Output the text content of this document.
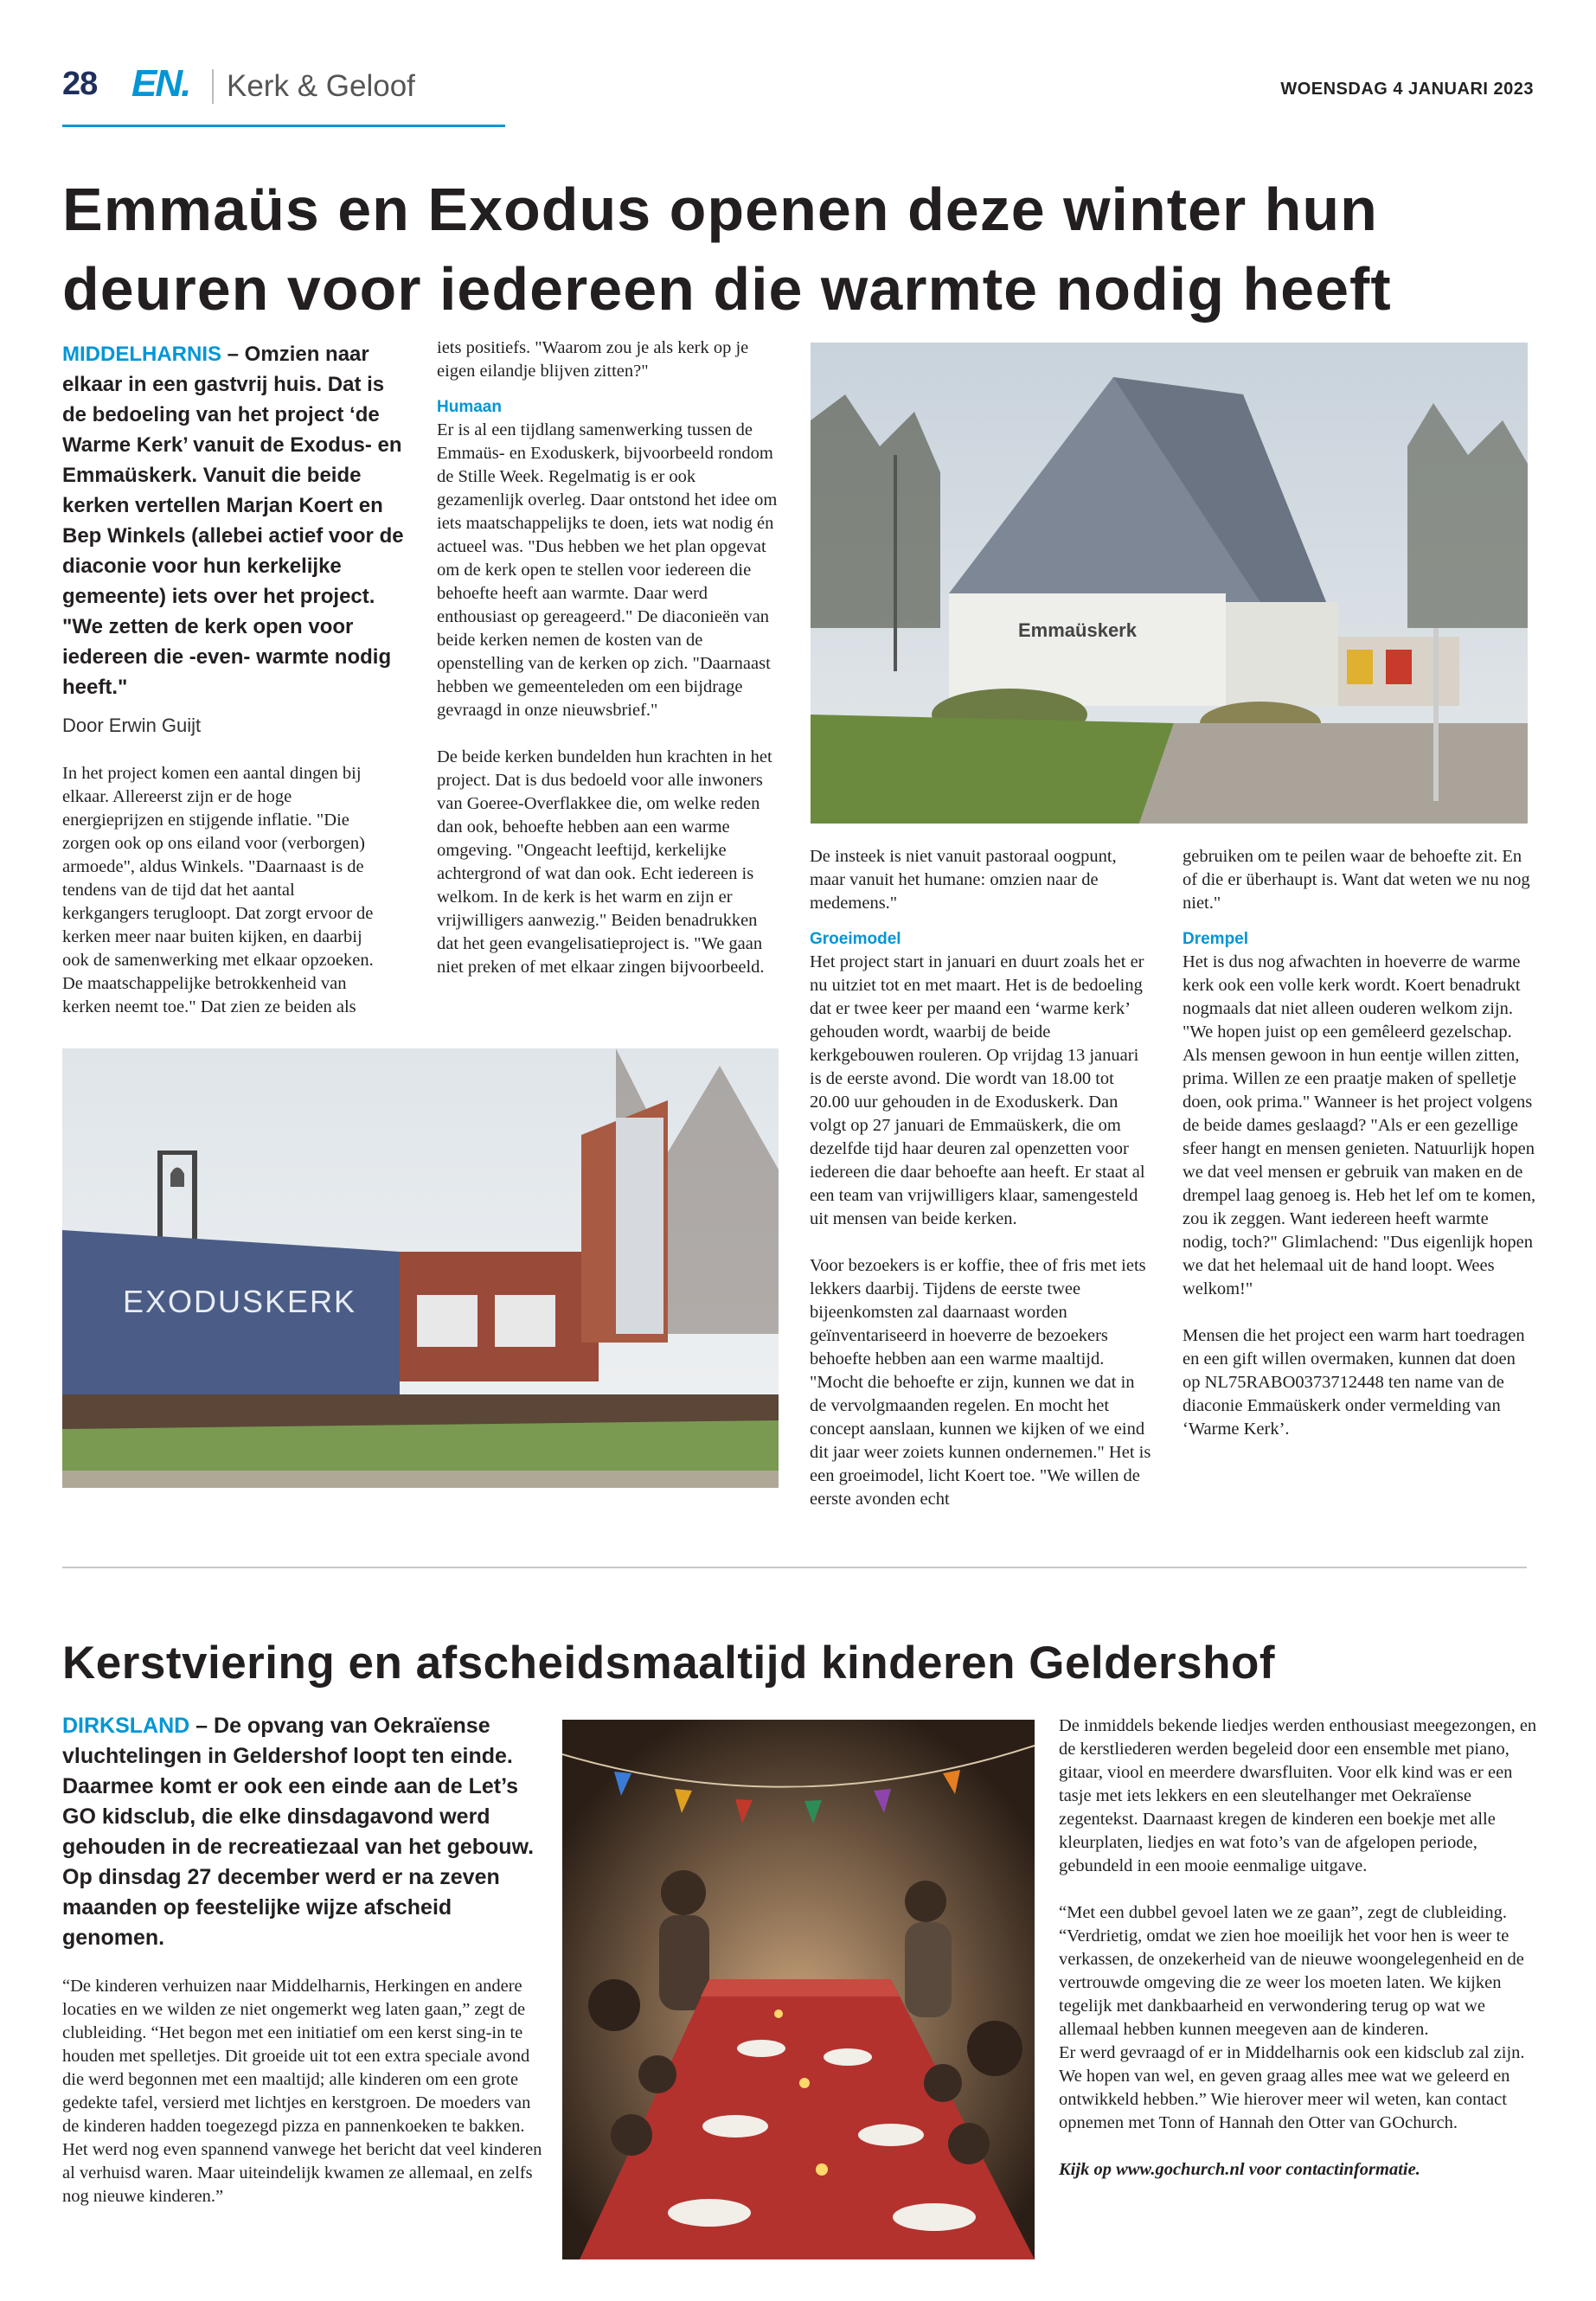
28 EN. Kerk & Geloof	WOENSDAG 4 JANUARI 2023
Emmaüs en Exodus openen deze winter hun deuren voor iedereen die warmte nodig heeft
MIDDELHARNIS – Omzien naar elkaar in een gastvrij huis. Dat is de bedoeling van het project ‘de Warme Kerk’ vanuit de Exodus- en Emmaüskerk. Vanuit die beide kerken vertellen Marjan Koert en Bep Winkels (allebei actief voor de diaconie voor hun kerkelijke gemeente) iets over het project. "We zetten de kerk open voor iedereen die -even- warmte nodig heeft."
Door Erwin Guijt

In het project komen een aantal dingen bij elkaar. Allereerst zijn er de hoge energieprijzen en stijgende inflatie. "Die zorgen ook op ons eiland voor (verborgen) armoede", aldus Winkels. "Daarnaast is de tendens van de tijd dat het aantal kerkgangers terugloopt. Dat zorgt ervoor de kerken meer naar buiten kijken, en daarbij ook de samenwerking met elkaar opzoeken. De maatschappelijke betrokkenheid van kerken neemt toe." Dat zien ze beiden als

iets positiefs. "Waarom zou je als kerk op je eigen eilandje blijven zitten?"

Humaan

Er is al een tijdlang samenwerking tussen de Emmaüs- en Exoduskerk, bijvoorbeeld rondom de Stille Week. Regelmatig is er ook gezamenlijk overleg. Daar ontstond het idee om iets maatschappelijks te doen, iets wat nodig én actueel was. "Dus hebben we het plan opgevat om de kerk open te stellen voor iedereen die behoefte heeft aan warmte. Daar werd enthousiast op gereageerd." De diaconieën van beide kerken nemen de kosten van de openstelling van de kerken op zich. "Daarnaast hebben we gemeenteleden om een bijdrage gevraagd in onze nieuwsbrief."

De beide kerken bundelden hun krachten in het project. Dat is dus bedoeld voor alle inwoners van Goeree-Overflakkee die, om welke reden dan ook, behoefte hebben aan een warme omgeving. "Ongeacht leeftijd, kerkelijke achtergrond of wat dan ook. Echt iedereen is welkom. In de kerk is het warm en zijn er vrijwilligers aanwezig." Beiden benadrukken dat het geen evangelisatieproject is. "We gaan niet preken of met elkaar zingen bijvoorbeeld.

De insteek is niet vanuit pastoraal oogpunt, maar vanuit het humane: omzien naar de medemens."

Groeimodel

Het project start in januari en duurt zoals het er nu uitziet tot en met maart. Het is de bedoeling dat er twee keer per maand een ‘warme kerk’ gehouden wordt, waarbij de beide kerkgebouwen rouleren. Op vrijdag 13 januari is de eerste avond. Die wordt van 18.00 tot 20.00 uur gehouden in de Exoduskerk. Dan volgt op 27 januari de Emmaüskerk, die om dezelfde tijd haar deuren zal openzetten voor iedereen die daar behoefte aan heeft. Er staat al een team van vrijwilligers klaar, samengesteld uit mensen van beide kerken.

Voor bezoekers is er koffie, thee of fris met iets lekkers daarbij. Tijdens de eerste twee bijeenkomsten zal daarnaast worden geïnventariseerd in hoeverre de bezoekers behoefte hebben aan een warme maaltijd. "Mocht die behoefte er zijn, kunnen we dat in de vervolgmaanden regelen. En mocht het concept aanslaan, kunnen we kijken of we eind dit jaar weer zoiets kunnen ondernemen." Het is een groeimodel, licht Koert toe. "We willen de eerste avonden echt

gebruiken om te peilen waar de behoefte zit. En of die er überhaupt is. Want dat weten we nu nog niet."

Drempel

Het is dus nog afwachten in hoeverre de warme kerk ook een volle kerk wordt. Koert benadrukt nogmaals dat niet alleen ouderen welkom zijn. "We hopen juist op een gemêleerd gezelschap. Als mensen gewoon in hun eentje willen zitten, prima. Willen ze een praatje maken of spelletje doen, ook prima." Wanneer is het project volgens de beide dames geslaagd? "Als er een gezellige sfeer hangt en mensen genieten. Natuurlijk hopen we dat veel mensen er gebruik van maken en de drempel laag genoeg is. Heb het lef om te komen, zou ik zeggen. Want iedereen heeft warmte nodig, toch?" Glimlachend: "Dus eigenlijk hopen we dat het helemaal uit de hand loopt. Wees welkom!"

Mensen die het project een warm hart toedragen en een gift willen overmaken, kunnen dat doen op NL75RABO0373712448 ten name van de diaconie Emmaüskerk onder vermelding van ‘Warme Kerk’.

Emmaüskerk
EXODUSKERK
Kerstviering en afscheidsmaaltijd kinderen Geldershof
DIRKSLAND – De opvang van Oekraïense vluchtelingen in Geldershof loopt ten einde. Daarmee komt er ook een einde aan de Let’s GO kidsclub, die elke dinsdagavond werd gehouden in de recreatiezaal van het gebouw. Op dinsdag 27 december werd er na zeven maanden op feestelijke wijze afscheid genomen.

“De kinderen verhuizen naar Middelharnis, Herkingen en andere locaties en we wilden ze niet ongemerkt weg laten gaan,” zegt de clubleiding. “Het begon met een initiatief om een kerst sing-in te houden met spelletjes. Dit groeide uit tot een extra speciale avond die werd begonnen met een maaltijd; alle kinderen om een grote gedekte tafel, versierd met lichtjes en kerstgroen. De moeders van de kinderen hadden toegezegd pizza en pannenkoeken te bakken. Het werd nog even spannend vanwege het bericht dat veel kinderen al verhuisd waren. Maar uiteindelijk kwamen ze allemaal, en zelfs nog nieuwe kinderen.”

De inmiddels bekende liedjes werden enthousiast meegezongen, en de kerstliederen werden begeleid door een ensemble met piano, gitaar, viool en meerdere dwarsfluiten. Voor elk kind was er een tasje met iets lekkers en een sleutelhanger met Oekraïense zegentekst. Daarnaast kregen de kinderen een boekje met alle kleurplaten, liedjes en wat foto’s van de afgelopen periode, gebundeld in een mooie eenmalige uitgave.

“Met een dubbel gevoel laten we ze gaan”, zegt de clubleiding. “Verdrietig, omdat we zien hoe moeilijk het voor hen is weer te verkassen, de onzekerheid van de nieuwe woongelegenheid en de vertrouwde omgeving die ze weer los moeten laten. We kijken tegelijk met dankbaarheid en verwondering terug op wat we allemaal hebben kunnen meegeven aan de kinderen.
Er werd gevraagd of er in Middelharnis ook een kidsclub zal zijn. We hopen van wel, en geven graag alles mee wat we geleerd en ontwikkeld hebben.” Wie hierover meer wil weten, kan contact opnemen met Tonn of Hannah den Otter van GOchurch.

Kijk op www.gochurch.nl voor contactinformatie.
